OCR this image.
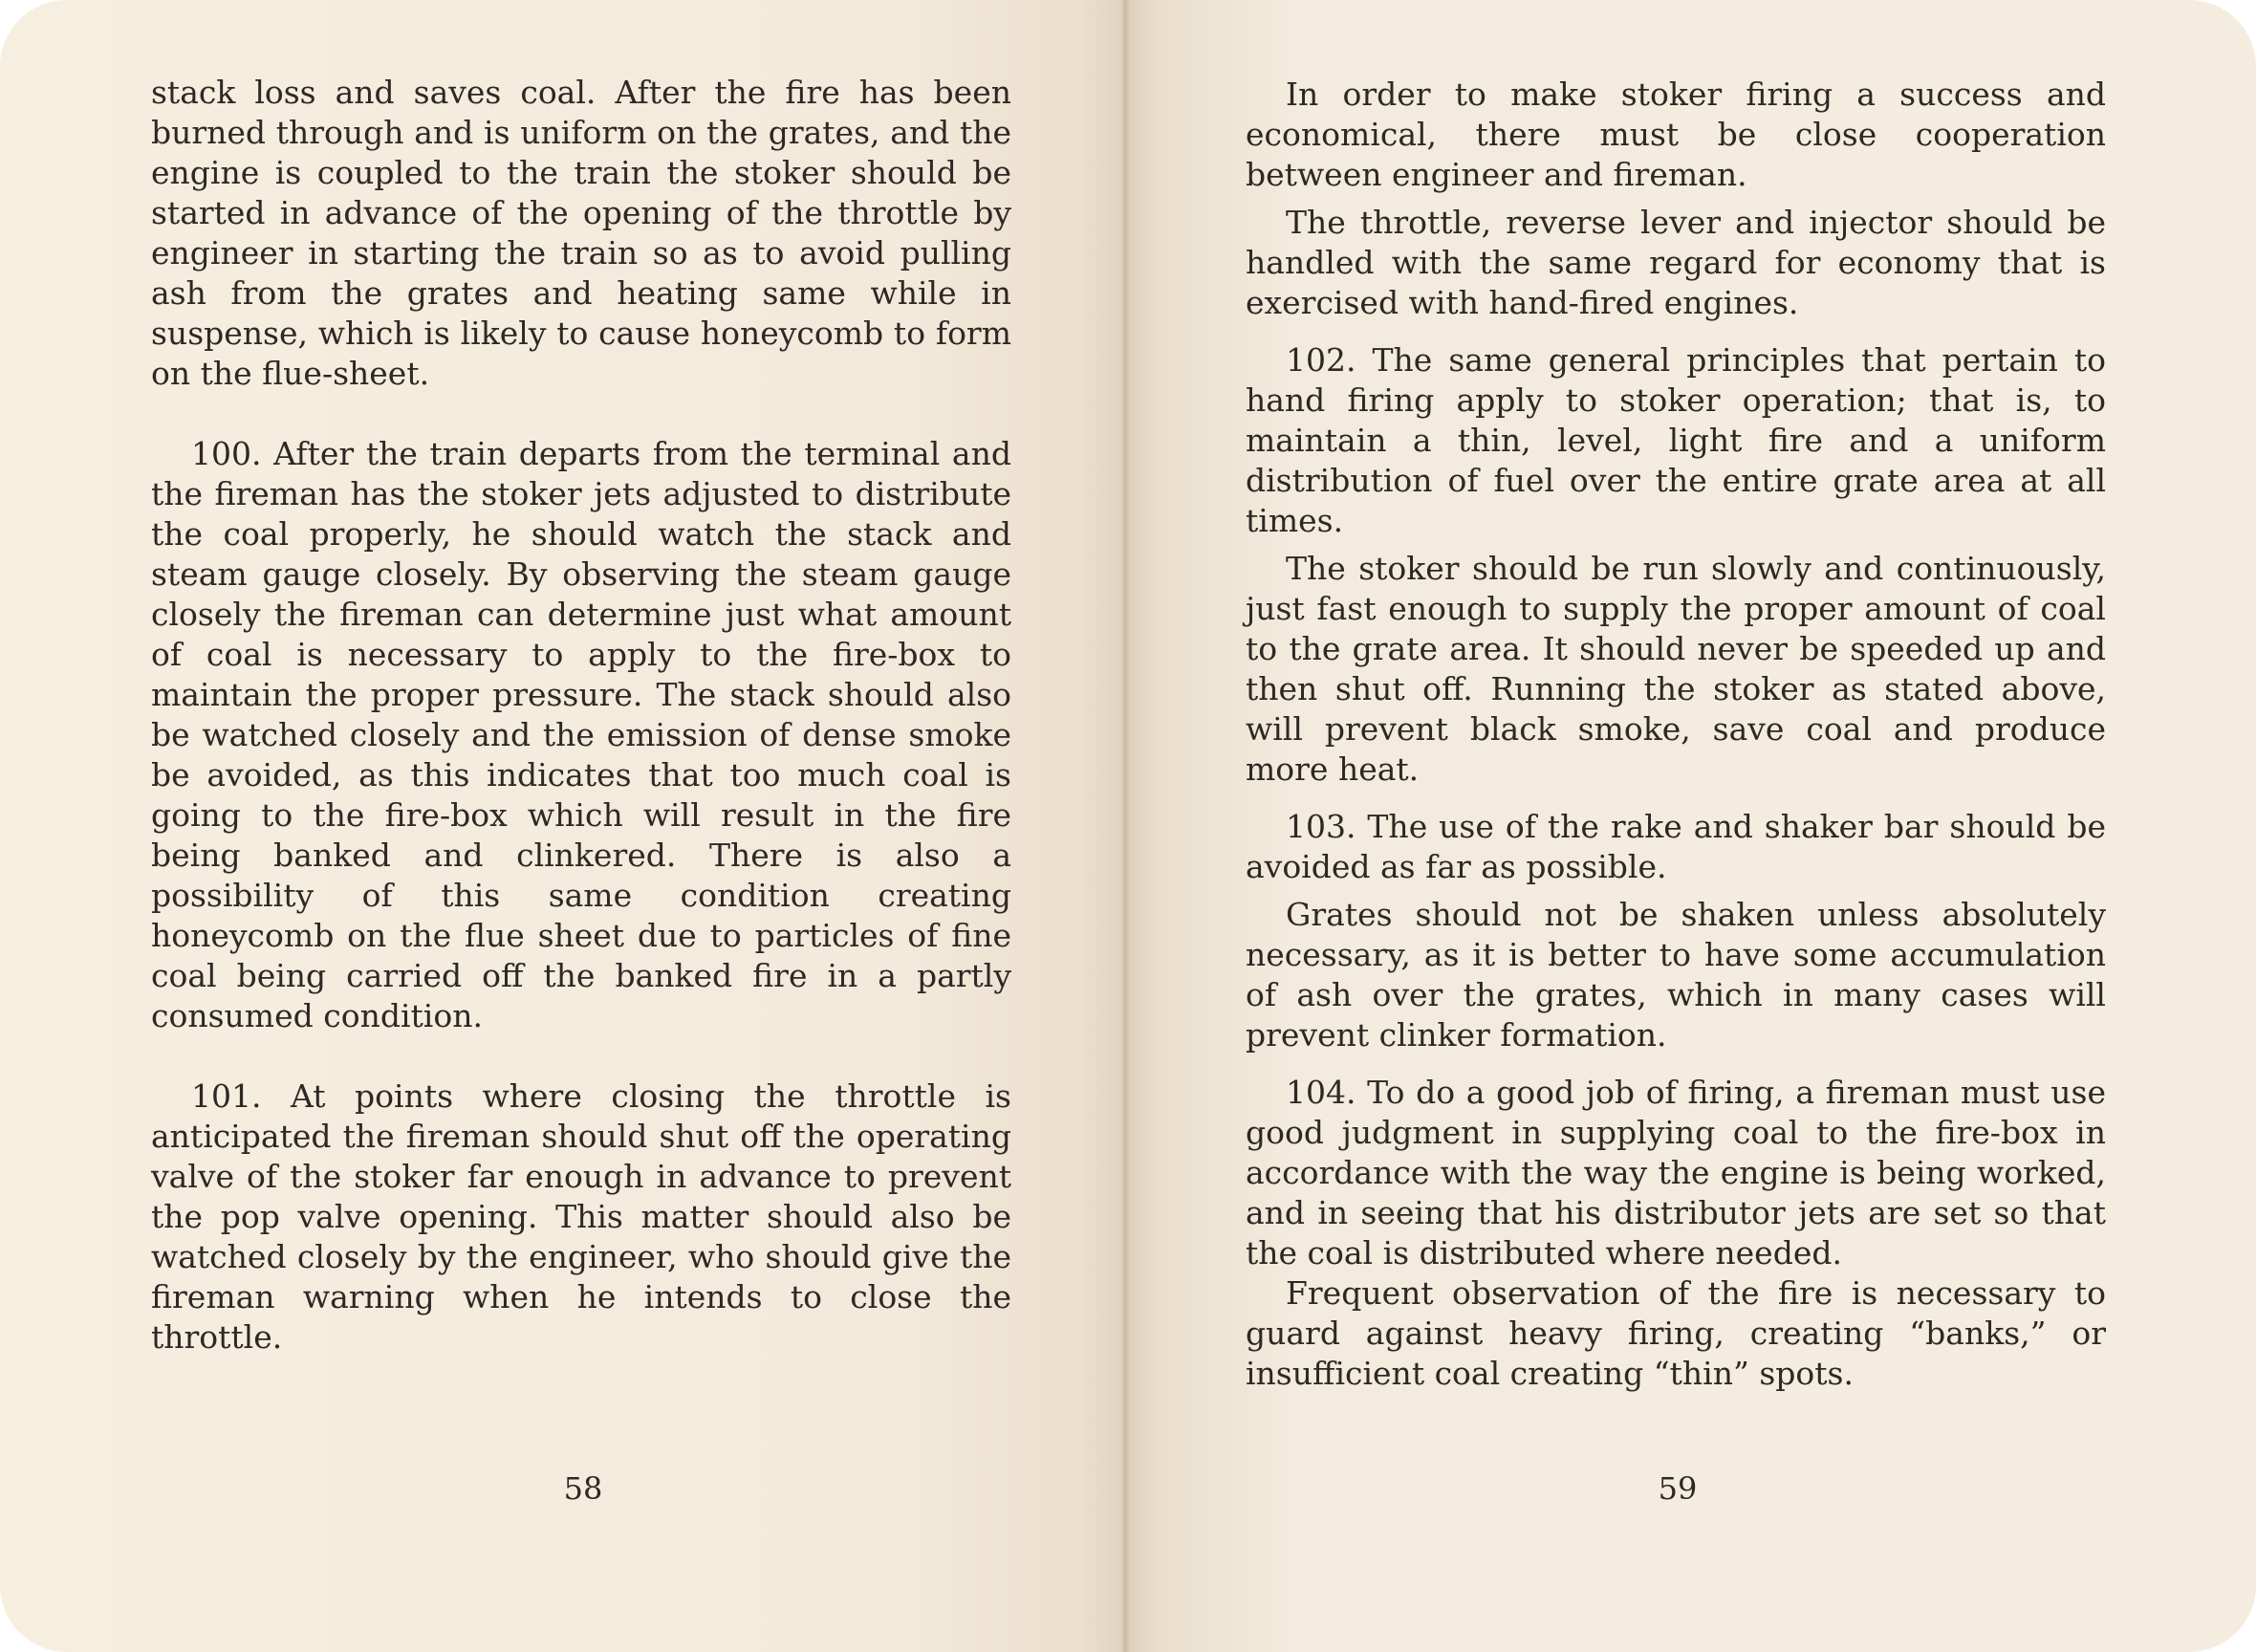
stack loss and saves coal. After the fire has been burned through and is uniform on the grates, and the engine is coupled to the train the stoker should be started in advance of the opening of the throttle by engineer in starting the train so as to avoid pulling ash from the grates and heating same while in suspense, which is likely to cause honeycomb to form on the flue-sheet.

100. After the train departs from the terminal and the fireman has the stoker jets adjusted to distribute the coal properly, he should watch the stack and steam gauge closely. By observing the steam gauge closely the fireman can determine just what amount of coal is necessary to apply to the fire-box to maintain the proper pressure. The stack should also be watched closely and the emission of dense smoke be avoided, as this indicates that too much coal is going to the fire-box which will result in the fire being banked and clinkered. There is also a possibility of this same condition creating honeycomb on the flue sheet due to particles of fine coal being carried off the banked fire in a partly consumed condition.

101. At points where closing the throttle is anticipated the fireman should shut off the operating valve of the stoker far enough in advance to prevent the pop valve opening. This matter should also be watched closely by the engineer, who should give the fireman warning when he intends to close the throttle.

58

In order to make stoker firing a success and economical, there must be close cooperation between engineer and fireman.

The throttle, reverse lever and injector should be handled with the same regard for economy that is exercised with hand-fired engines.

102. The same general principles that pertain to hand firing apply to stoker operation; that is, to maintain a thin, level, light fire and a uniform distribution of fuel over the entire grate area at all times.

The stoker should be run slowly and continuously, just fast enough to supply the proper amount of coal to the grate area. It should never be speeded up and then shut off. Running the stoker as stated above, will prevent black smoke, save coal and produce more heat.

103. The use of the rake and shaker bar should be avoided as far as possible.

Grates should not be shaken unless absolutely necessary, as it is better to have some accumulation of ash over the grates, which in many cases will prevent clinker formation.

104. To do a good job of firing, a fireman must use good judgment in supplying coal to the fire-box in accordance with the way the engine is being worked, and in seeing that his distributor jets are set so that the coal is distributed where needed.

Frequent observation of the fire is necessary to guard against heavy firing, creating “banks,” or insufficient coal creating “thin” spots.

59
